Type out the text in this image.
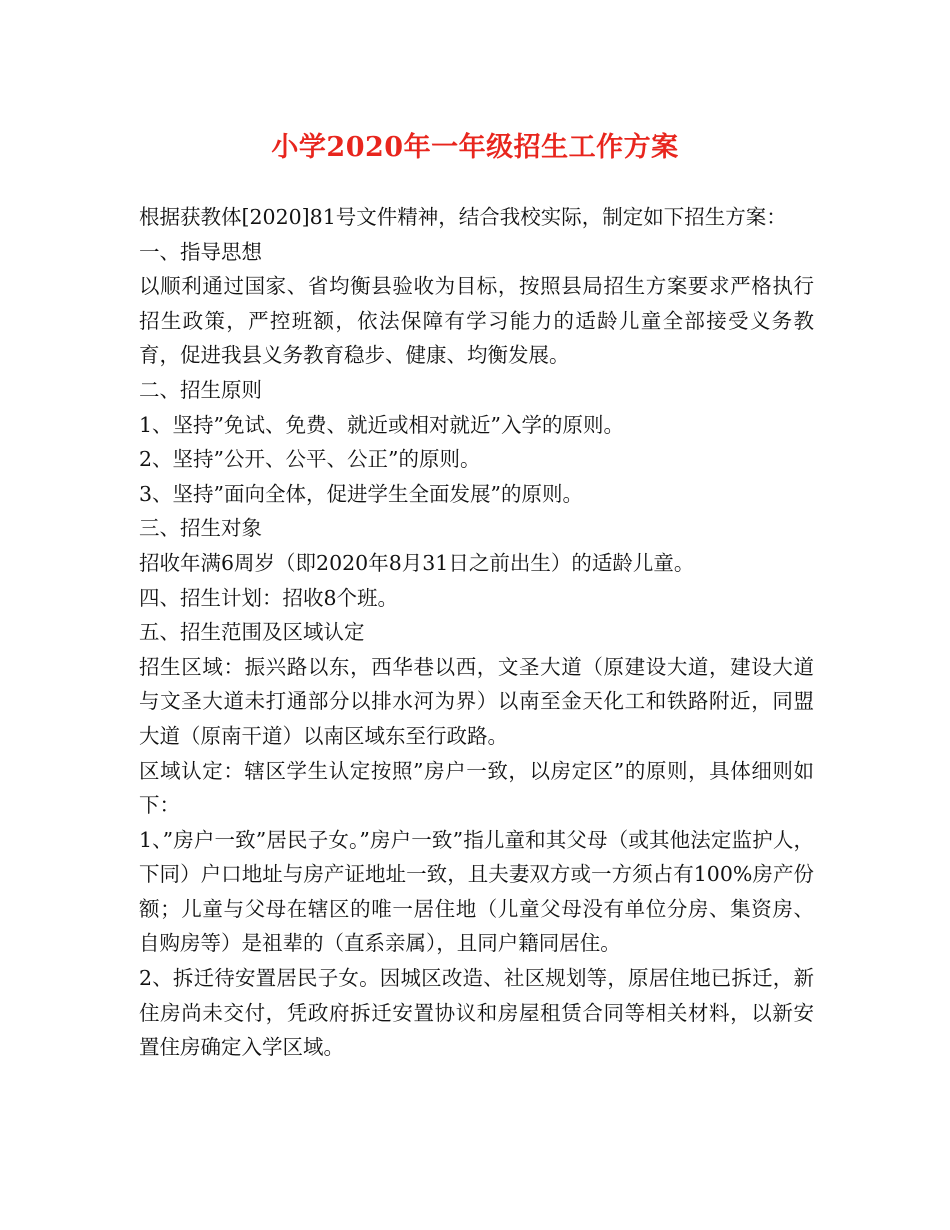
小学2020年一年级招生工作方案

根据获教体[2020]81号文件精神，结合我校实际，制定如下招生方案：

一、指导思想

以顺利通过国家、省均衡县验收为目标，按照县局招生方案要求严格执行招生政策，严控班额，依法保障有学习能力的适龄儿童全部接受义务教育，促进我县义务教育稳步、健康、均衡发展。

二、招生原则

1、坚持”免试、免费、就近或相对就近”入学的原则。

2、坚持”公开、公平、公正”的原则。

3、坚持”面向全体，促进学生全面发展”的原则。

三、招生对象

招收年满6周岁（即2020年8月31日之前出生）的适龄儿童。

四、招生计划：招收8个班。

五、招生范围及区域认定

招生区域：振兴路以东，西华巷以西，文圣大道（原建设大道，建设大道与文圣大道未打通部分以排水河为界）以南至金天化工和铁路附近，同盟大道（原南干道）以南区域东至行政路。

区域认定：辖区学生认定按照”房户一致，以房定区”的原则，具体细则如下：

1、”房户一致”居民子女。”房户一致”指儿童和其父母（或其他法定监护人，下同）户口地址与房产证地址一致，且夫妻双方或一方须占有100%房产份额；儿童与父母在辖区的唯一居住地（儿童父母没有单位分房、集资房、自购房等）是祖辈的（直系亲属），且同户籍同居住。

2、拆迁待安置居民子女。因城区改造、社区规划等，原居住地已拆迁，新住房尚未交付，凭政府拆迁安置协议和房屋租赁合同等相关材料，以新安置住房确定入学区域。
